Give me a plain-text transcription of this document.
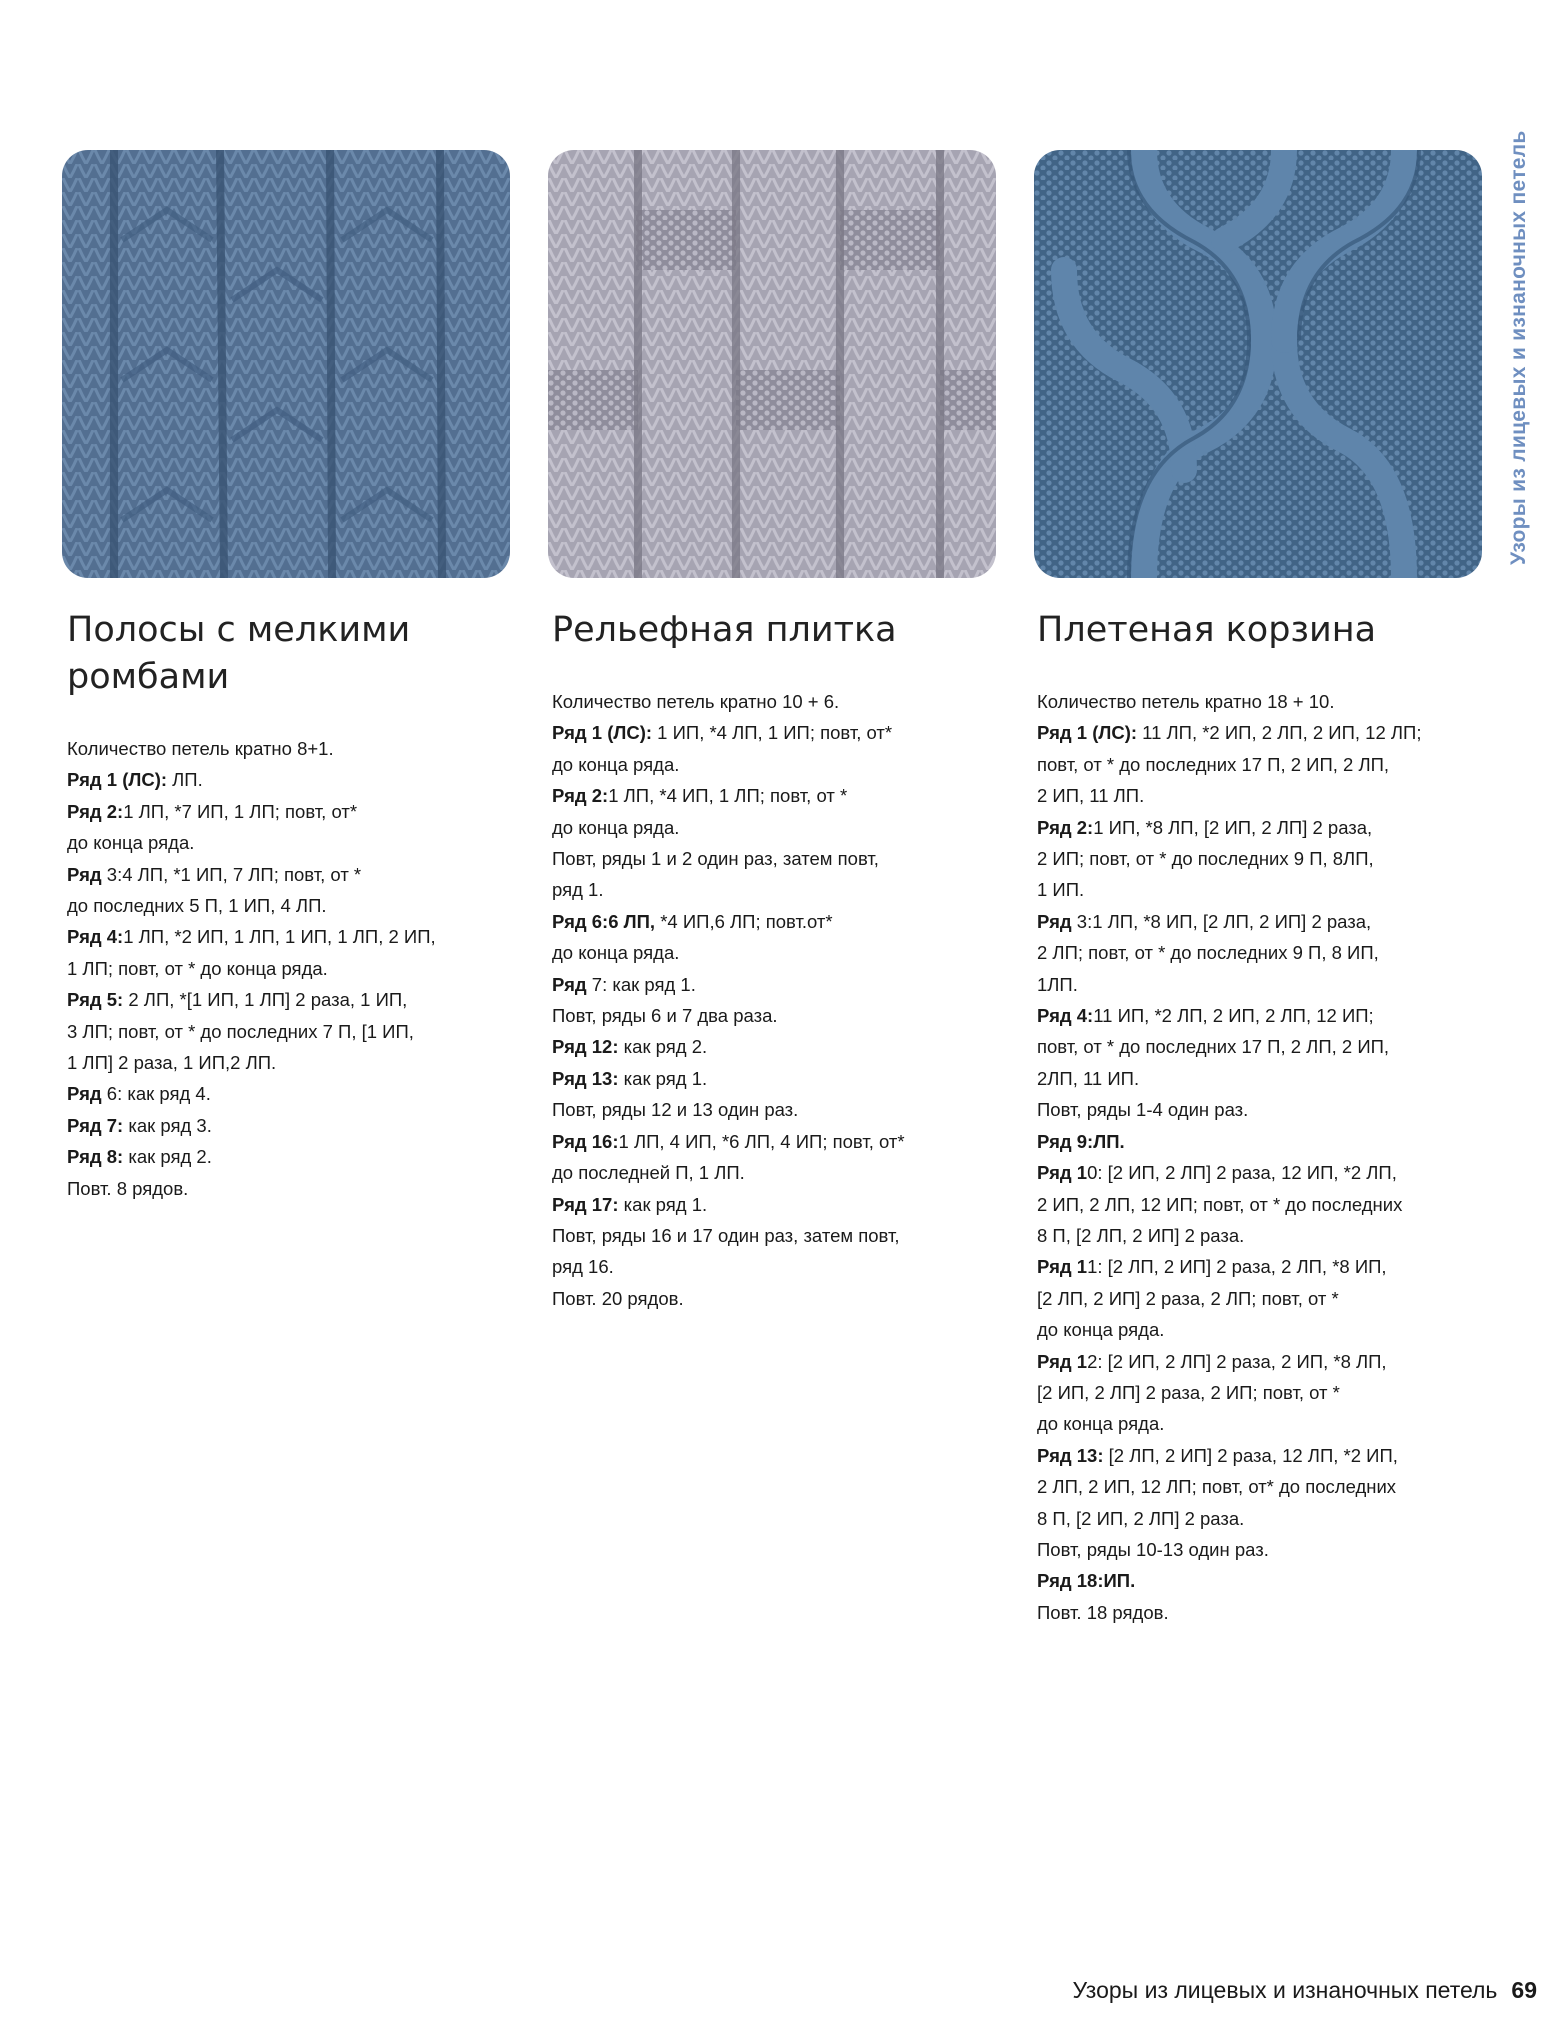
Узоры из лицевых и изнаночных петель
Полосы с мелкими
ромбами
Количество петель кратно 8+1.
Ряд 1 (ЛС): ЛП.
Ряд 2:1 ЛП, *7 ИП, 1 ЛП; повт, от*
до конца ряда.
Ряд 3:4 ЛП, *1 ИП, 7 ЛП; повт, от *
до последних 5 П, 1 ИП, 4 ЛП.
Ряд 4:1 ЛП, *2 ИП, 1 ЛП, 1 ИП, 1 ЛП, 2 ИП,
1 ЛП; повт, от * до конца ряда.
Ряд 5: 2 ЛП, *[1 ИП, 1 ЛП] 2 раза, 1 ИП,
3 ЛП; повт, от * до последних 7 П, [1 ИП,
1 ЛП] 2 раза, 1 ИП,2 ЛП.
Ряд 6: как ряд 4.
Ряд 7: как ряд 3.
Ряд 8: как ряд 2.
Повт. 8 рядов.
Рельефная плитка
Количество петель кратно 10 + 6.
Ряд 1 (ЛС): 1 ИП, *4 ЛП, 1 ИП; повт, от*
до конца ряда.
Ряд 2:1 ЛП, *4 ИП, 1 ЛП; повт, от *
до конца ряда.
Повт, ряды 1 и 2 один раз, затем повт,
ряд 1.
Ряд 6:6 ЛП, *4 ИП,6 ЛП; повт.от*
до конца ряда.
Ряд 7: как ряд 1.
Повт, ряды 6 и 7 два раза.
Ряд 12: как ряд 2.
Ряд 13: как ряд 1.
Повт, ряды 12 и 13 один раз.
Ряд 16:1 ЛП, 4 ИП, *6 ЛП, 4 ИП; повт, от*
до последней П, 1 ЛП.
Ряд 17: как ряд 1.
Повт, ряды 16 и 17 один раз, затем повт,
ряд 16.
Повт. 20 рядов.
Плетеная корзина
Количество петель кратно 18 + 10.
Ряд 1 (ЛС): 11 ЛП, *2 ИП, 2 ЛП, 2 ИП, 12 ЛП;
повт, от * до последних 17 П, 2 ИП, 2 ЛП,
2 ИП, 11 ЛП.
Ряд 2:1 ИП, *8 ЛП, [2 ИП, 2 ЛП] 2 раза,
2 ИП; повт, от * до последних 9 П, 8ЛП,
1 ИП.
Ряд 3:1 ЛП, *8 ИП, [2 ЛП, 2 ИП] 2 раза,
2 ЛП; повт, от * до последних 9 П, 8 ИП,
1ЛП.
Ряд 4:11 ИП, *2 ЛП, 2 ИП, 2 ЛП, 12 ИП;
повт, от * до последних 17 П, 2 ЛП, 2 ИП,
2ЛП, 11 ИП.
Повт, ряды 1-4 один раз.
Ряд 9:ЛП.
Ряд 10: [2 ИП, 2 ЛП] 2 раза, 12 ИП, *2 ЛП,
2 ИП, 2 ЛП, 12 ИП; повт, от * до последних
8 П, [2 ЛП, 2 ИП] 2 раза.
Ряд 11: [2 ЛП, 2 ИП] 2 раза, 2 ЛП, *8 ИП,
[2 ЛП, 2 ИП] 2 раза, 2 ЛП; повт, от *
до конца ряда.
Ряд 12: [2 ИП, 2 ЛП] 2 раза, 2 ИП, *8 ЛП,
[2 ИП, 2 ЛП] 2 раза, 2 ИП; повт, от *
до конца ряда.
Ряд 13: [2 ЛП, 2 ИП] 2 раза, 12 ЛП, *2 ИП,
2 ЛП, 2 ИП, 12 ЛП; повт, от* до последних
8 П, [2 ИП, 2 ЛП] 2 раза.
Повт, ряды 10-13 один раз.
Ряд 18:ИП.
Повт. 18 рядов.
Узоры из лицевых и изнаночных петель 69
